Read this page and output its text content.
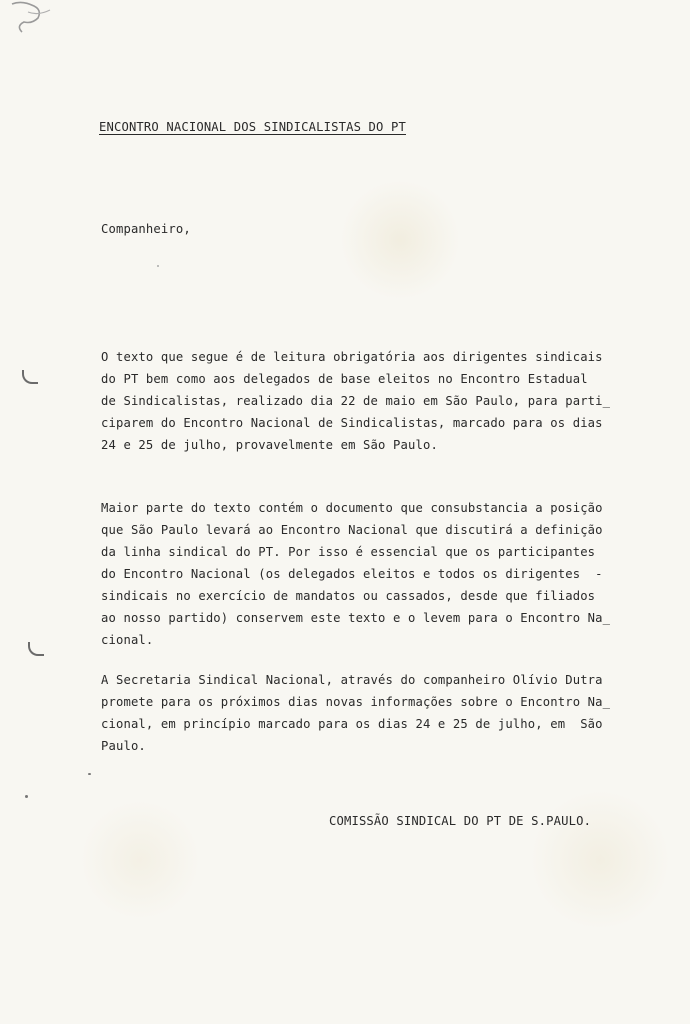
ENCONTRO NACIONAL DOS SINDICALISTAS DO PT
Companheiro,
O texto que segue é de leitura obrigatória aos dirigentes sindicais
do PT bem como aos delegados de base eleitos no Encontro Estadual
de Sindicalistas, realizado dia 22 de maio em São Paulo, para parti_
ciparem do Encontro Nacional de Sindicalistas, marcado para os dias
24 e 25 de julho, provavelmente em São Paulo.
Maior parte do texto contém o documento que consubstancia a posição
que São Paulo levará ao Encontro Nacional que discutirá a definição
da linha sindical do PT. Por isso é essencial que os participantes
do Encontro Nacional (os delegados eleitos e todos os dirigentes  -
sindicais no exercício de mandatos ou cassados, desde que filiados
ao nosso partido) conservem este texto e o levem para o Encontro Na_
cional.
A Secretaria Sindical Nacional, através do companheiro Olívio Dutra
promete para os próximos dias novas informações sobre o Encontro Na_
cional, em princípio marcado para os dias 24 e 25 de julho, em  São
Paulo.
COMISSÃO SINDICAL DO PT DE S.PAULO.
